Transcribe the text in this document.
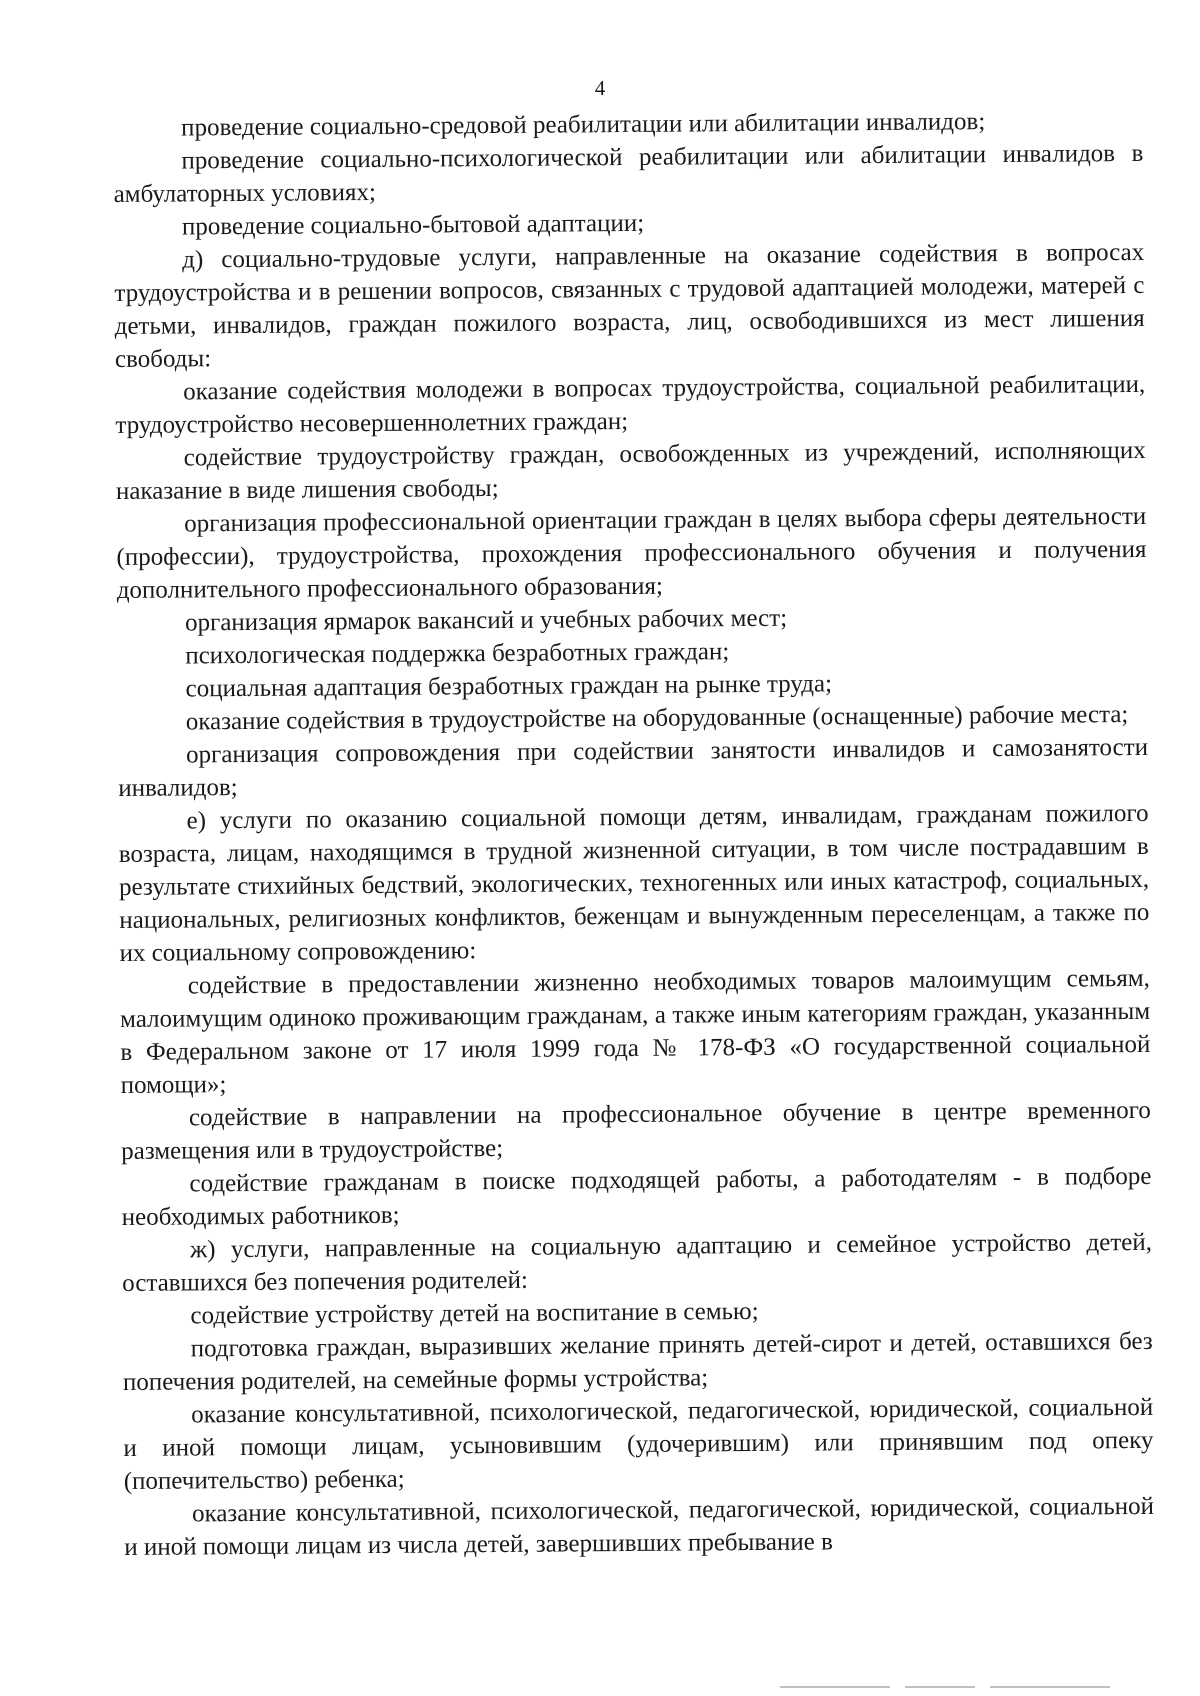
4

проведение социально-средовой реабилитации или абилитации инвалидов;

проведение социально-психологической реабилитации или абилитации инвалидов в амбулаторных условиях;

проведение социально-бытовой адаптации;

д) социально-трудовые услуги, направленные на оказание содействия в вопросах трудоустройства и в решении вопросов, связанных с трудовой адаптацией молодежи, матерей с детьми, инвалидов, граждан пожилого возраста, лиц, освободившихся из мест лишения свободы:

оказание содействия молодежи в вопросах трудоустройства, социальной реабилитации, трудоустройство несовершеннолетних граждан;

содействие трудоустройству граждан, освобожденных из учреждений, исполняющих наказание в виде лишения свободы;

организация профессиональной ориентации граждан в целях выбора сферы деятельности (профессии), трудоустройства, прохождения профессионального обучения и получения дополнительного профессионального образования;

организация ярмарок вакансий и учебных рабочих мест;

психологическая поддержка безработных граждан;

социальная адаптация безработных граждан на рынке труда;

оказание содействия в трудоустройстве на оборудованные (оснащенные) рабочие места;

организация сопровождения при содействии занятости инвалидов и самозанятости инвалидов;

е) услуги по оказанию социальной помощи детям, инвалидам, гражданам пожилого возраста, лицам, находящимся в трудной жизненной ситуации, в том числе пострадавшим в результате стихийных бедствий, экологических, техногенных или иных катастроф, социальных, национальных, религиозных конфликтов, беженцам и вынужденным переселенцам, а также по их социальному сопровождению:

содействие в предоставлении жизненно необходимых товаров малоимущим семьям, малоимущим одиноко проживающим гражданам, а также иным категориям граждан, указанным в Федеральном законе от 17 июля 1999 года № 178-ФЗ «О государственной социальной помощи»;

содействие в направлении на профессиональное обучение в центре временного размещения или в трудоустройстве;

содействие гражданам в поиске подходящей работы, а работодателям - в подборе необходимых работников;

ж) услуги, направленные на социальную адаптацию и семейное устройство детей, оставшихся без попечения родителей:

содействие устройству детей на воспитание в семью;

подготовка граждан, выразивших желание принять детей-сирот и детей, оставшихся без попечения родителей, на семейные формы устройства;

оказание консультативной, психологической, педагогической, юридической, социальной и иной помощи лицам, усыновившим (удочерившим) или принявшим под опеку (попечительство) ребенка;

оказание консультативной, психологической, педагогической, юридической, социальной и иной помощи лицам из числа детей, завершивших пребывание в
